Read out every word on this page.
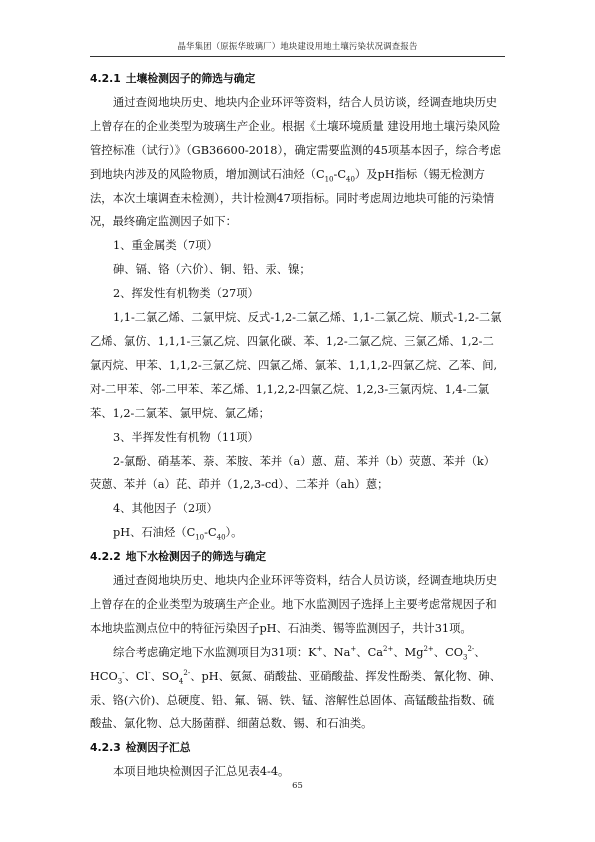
晶华集团（原振华玻璃厂）地块建设用地土壤污染状况调查报告

4.2.1 土壤检测因子的筛选与确定

通过查阅地块历史、地块内企业环评等资料，结合人员访谈，经调查地块历史上曾存在的企业类型为玻璃生产企业。根据《土壤环境质量 建设用地土壤污染风险管控标准（试行）》（GB36600-2018），确定需要监测的45项基本因子，综合考虑到地块内涉及的风险物质，增加测试石油烃$(C_{10}-C_{40})$及pH指标（锡无检测方法，本次土壤调查未检测），共计检测47项指标。同时考虑周边地块可能的污染情况，最终确定监测因子如下：

1、重金属类（7项）

砷、镉、铬（六价）、铜、铅、汞、镍；

2、挥发性有机物类（27项）

1,1-二氯乙烯、二氯甲烷、反式-1,2-二氯乙烯、1,1-二氯乙烷、顺式-1,2-二氯乙烯、氯仿、1,1,1-三氯乙烷、四氯化碳、苯、1,2-二氯乙烷、三氯乙烯、1,2-二氯丙烷、甲苯、1,1,2-三氯乙烷、四氯乙烯、氯苯、1,1,1,2-四氯乙烷、乙苯、间,对-二甲苯、邻-二甲苯、苯乙烯、1,1,2,2-四氯乙烷、1,2,3-三氯丙烷、1,4-二氯苯、1,2-二氯苯、氯甲烷、氯乙烯；

3、半挥发性有机物（11项）

2-氯酚、硝基苯、萘、苯胺、苯并（a）蒽、䓛、苯并（b）荧蒽、苯并（k）荧蒽、苯并（a）芘、茚并（1,2,3-cd）、二苯并（ah）蒽；

4、其他因子（2项）

pH、石油烃$(C_{10}-C_{40})$。

4.2.2 地下水检测因子的筛选与确定

通过查阅地块历史、地块内企业环评等资料，结合人员访谈，经调查地块历史上曾存在的企业类型为玻璃生产企业。地下水监测因子选择上主要考虑常规因子和本地块监测点位中的特征污染因子pH、石油类、锡等监测因子，共计31项。

综合考虑确定地下水监测项目为31项：K+、Na+、$Ca^{2+}$、$Mg^{2+}$、$CO_3^{2-}$、$HCO_3^-$、Cl-、$SO_4^{2-}$、pH、氨氮、硝酸盐、亚硝酸盐、挥发性酚类、氰化物、砷、汞、铬(六价)、总硬度、铅、氟、镉、铁、锰、溶解性总固体、高锰酸盐指数、硫酸盐、氯化物、总大肠菌群、细菌总数、锡、和石油类。

4.2.3 检测因子汇总

本项目地块检测因子汇总见表4-4。

65
